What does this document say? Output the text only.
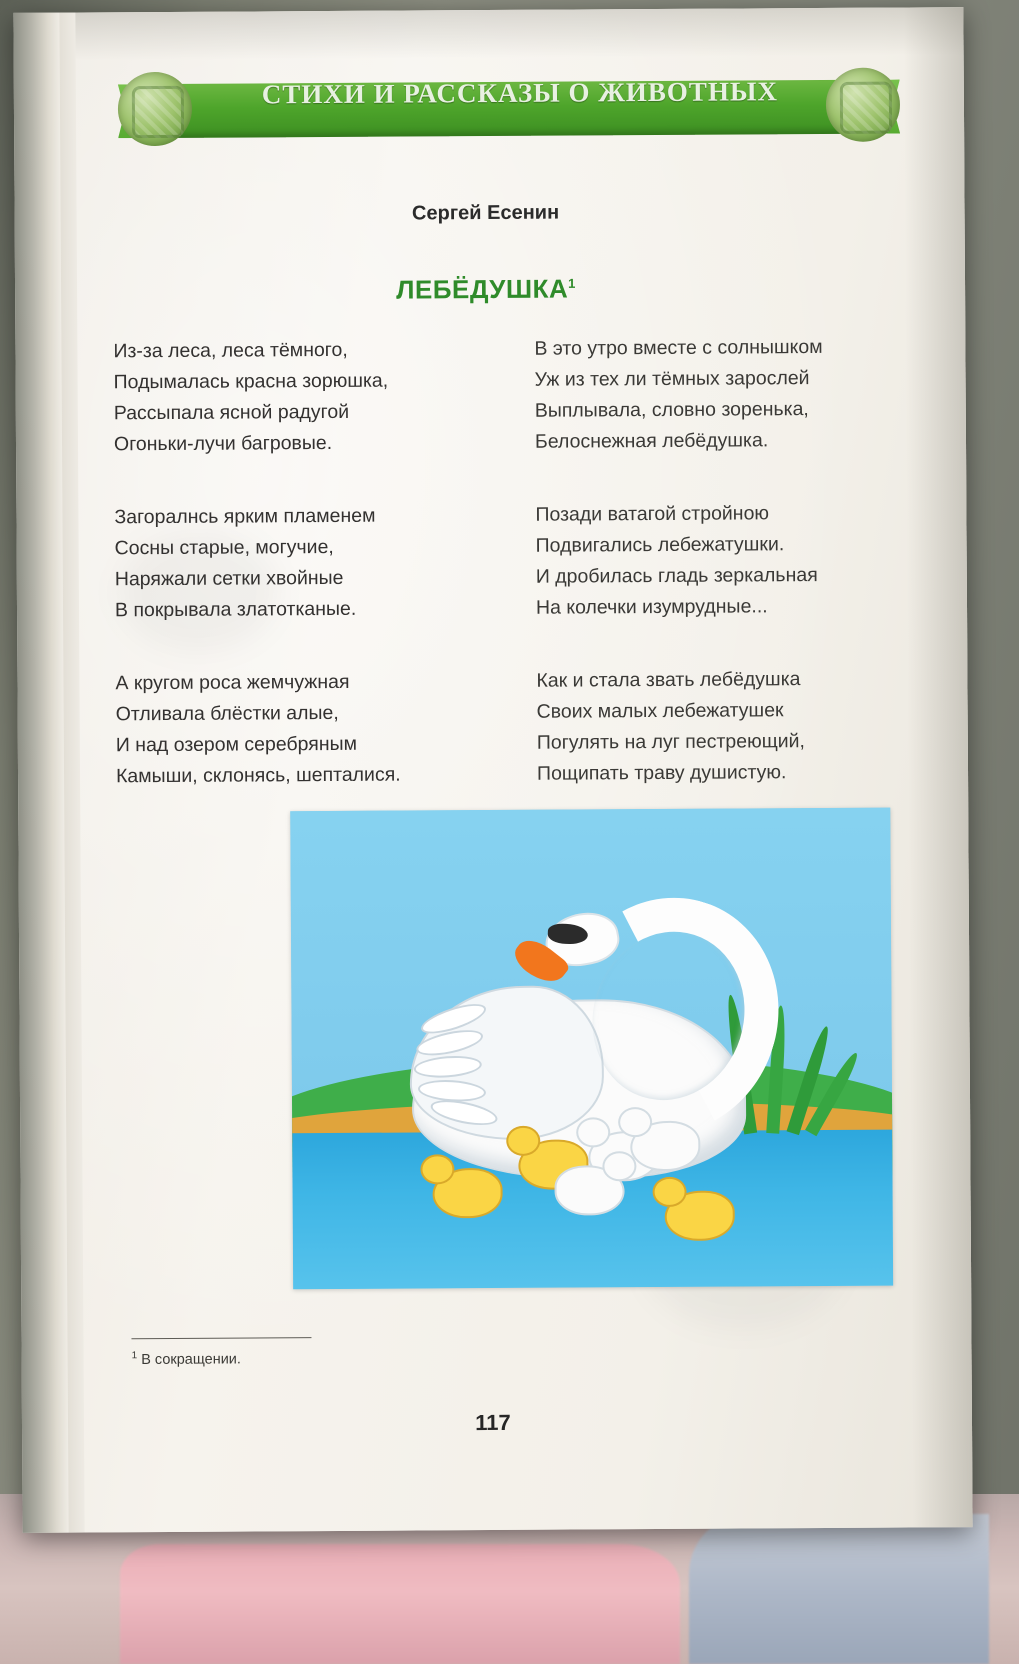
СТИХИ И РАССКАЗЫ О ЖИВОТНЫХ
Сергей Есенин
ЛЕБЁДУШКА$^1$
Из-за леса, леса тёмного,
Подымалась красна зорюшка,
Рассыпала ясной радугой
Огоньки-лучи багровые.
Загоралнсь ярким пламенем
Сосны старые, могучие,
Наряжали сетки хвойные
В покрывала златотканые.
А кругом роса жемчужная
Отливала блёстки алые,
И над озером серебряным
Камыши, склонясь, шепталися.
В это утро вместе с солнышком
Уж из тех ли тёмных зарослей
Выплывала, словно зоренька,
Белоснежная лебёдушка.
Позади ватагой стройною
Подвигались лебежатушки.
И дробилась гладь зеркальная
На колечки изумрудные...
Как и стала звать лебёдушка
Своих малых лебежатушек
Погулять на луг пестреющий,
Пощипать траву душистую.
$^1$ В сокращении.
117
